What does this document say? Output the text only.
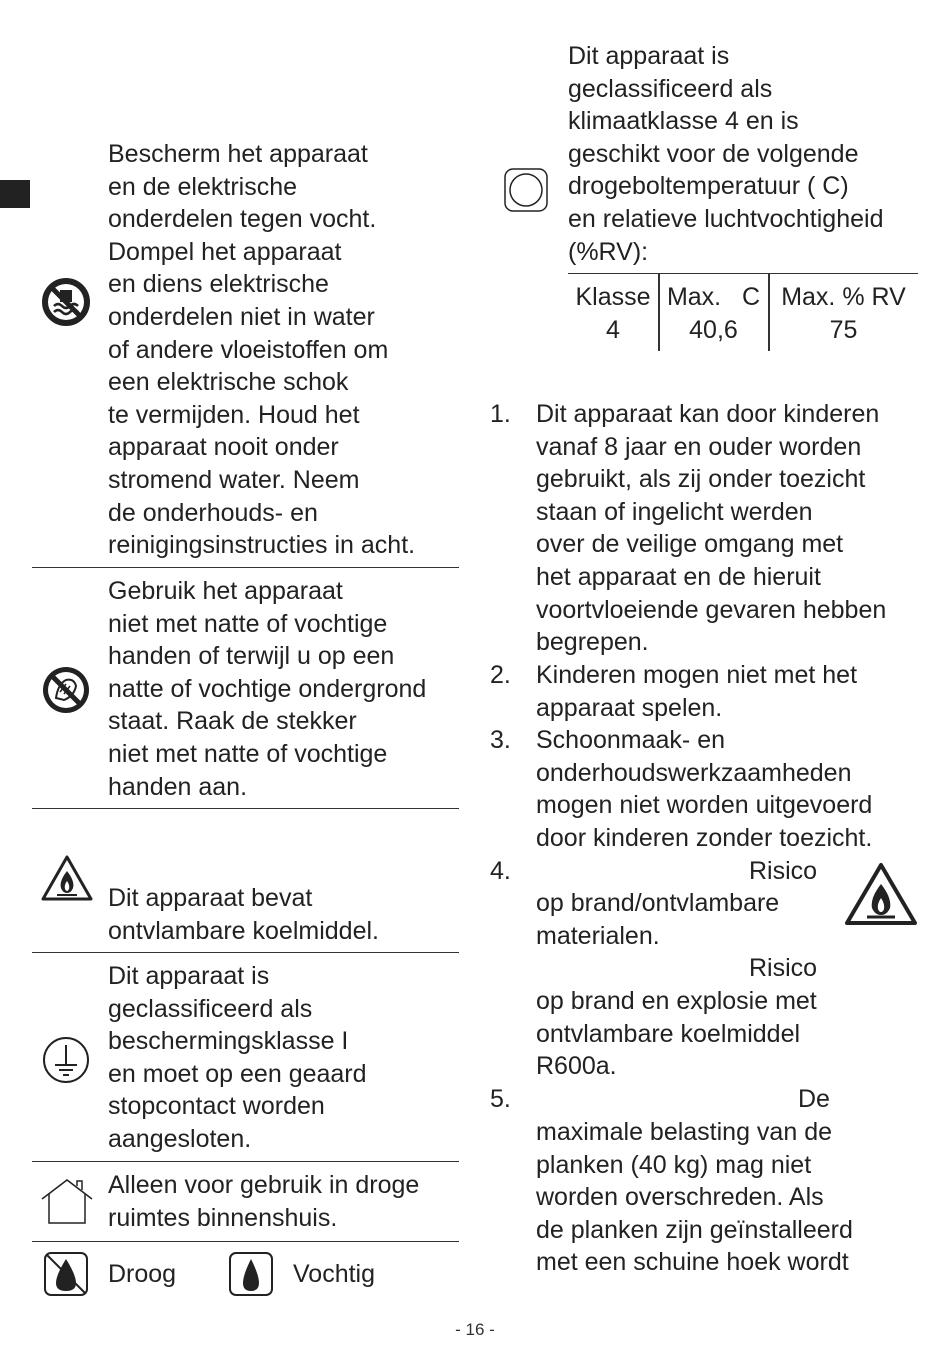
Bescherm het apparaat
en de elektrische
onderdelen tegen vocht.
Dompel het apparaat
en diens elektrische
onderdelen niet in water
of andere vloeistoffen om
een elektrische schok
te vermijden. Houd het
apparaat nooit onder
stromend water. Neem
de onderhouds- en
reinigingsinstructies in acht.
Gebruik het apparaat
niet met natte of vochtige
handen of terwijl u op een
natte of vochtige ondergrond
staat. Raak de stekker
niet met natte of vochtige
handen aan.
Dit apparaat bevat
ontvlambare koelmiddel.
Dit apparaat is
geclassificeerd als
beschermingsklasse I
en moet op een geaard
stopcontact worden
aangesloten.
Alleen voor gebruik in droge
ruimtes binnenshuis.
Droog	Vochtig
Dit apparaat is
geclassificeerd als
klimaatklasse 4 en is
geschikt voor de volgende
drogeboltemperatuur ( C)
en relatieve luchtvochtigheid
(%RV):
Klasse Max.   C Max. % RV
4	40,6	75
1. Dit apparaat kan door kinderen
vanaf 8 jaar en ouder worden
gebruikt, als zij onder toezicht
staan of ingelicht werden
over de veilige omgang met
het apparaat en de hieruit
voortvloeiende gevaren hebben
begrepen.
2. Kinderen mogen niet met het
apparaat spelen.
3. Schoonmaak- en
onderhoudswerkzaamheden
mogen niet worden uitgevoerd
door kinderen zonder toezicht.
4.	Risico
op brand/ontvlambare
materialen.
Risico
op brand en explosie met
ontvlambare koelmiddel
R600a.
5.	De
maximale belasting van de
planken (40 kg) mag niet
worden overschreden. Als
de planken zijn geïnstalleerd
met een schuine hoek wordt
- 16 -
